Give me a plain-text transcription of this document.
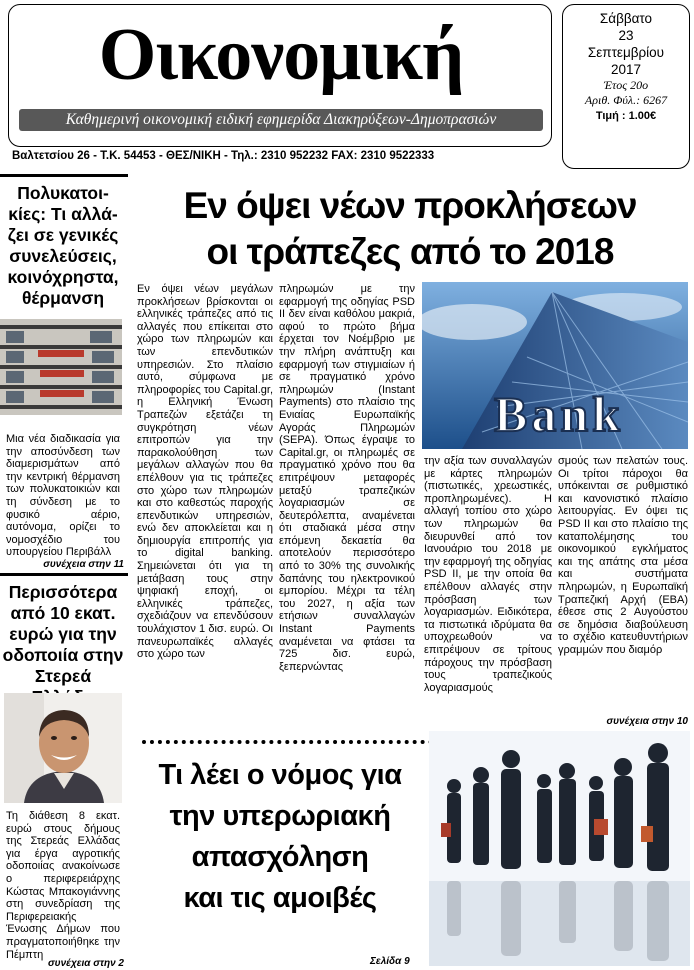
Οικονομική
Καθημερινή οικονομική ειδική εφημερίδα Διακηρύξεων-Δημοπρασιών
Βαλτετσίου 26 - Τ.Κ. 54453 - ΘΕΣ/ΝΙΚΗ - Τηλ.: 2310 952232 FAX: 2310 9522333
Σάββατο
23
Σεπτεμβρίου
2017
Έτος 20ο
Αριθ. Φύλ.: 6267
Τιμή : 1.00€
Πολυκατοι-κίες: Τι αλλά-ζει σε γενικές συνελεύσεις, κοινόχρηστα, θέρμανση
Μια νέα διαδικασία για την αποσύνδεση των διαμερισμάτων από την κεντρική θέρμανση των πολυκατοικιών και τη σύνδεση με το φυσικό αέριο, αυτόνομα, ορίζει το νομοσχέδιο του υπουργείου Περιβάλλ
συνέχεια στην 11
Περισσότερα από 10 εκατ. ευρώ για την οδοποιία στην Στερεά
Τη διάθεση 8 εκατ. ευρώ στους δήμους της Στερεάς Ελλάδας για έργα αγροτικής οδοποιίας ανακοίνωσε ο περιφερειάρχης Κώστας Μπακογιάννης στη συνεδρίαση της Περιφερειακής Ένωσης Δήμων που πραγματοποιήθηκε την Πέμπτη
συνέχεια στην 2
Εν όψει νέων προκλήσεων
οι τράπεζες από το 2018
Εν όψει νέων μεγάλων προκλήσεων βρίσκονται οι ελληνικές τράπεζες από τις αλλαγές που επίκειται στο χώρο των πληρωμών και των επενδυτικών υπηρεσιών. Στο πλαίσιο αυτό, σύμφωνα με πληροφορίες του Capital.gr, η Ελληνική Ένωση Τραπεζών εξετάζει τη συγκρότηση νέων επιτροπών για την παρακολούθηση των μεγάλων αλλαγών που θα επέλθουν για τις τράπεζες στο χώρο των πληρωμών και στο καθεστώς παροχής επενδυτικών υπηρεσιών, ενώ δεν αποκλείεται και η δημιουργία επιτροπής για το digital banking. Σημειώνεται ότι για τη μετάβαση τους στην ψηφιακή εποχή, οι ελληνικές τράπεζες, σχεδιάζουν να επενδύσουν τουλάχιστον 1 δισ. ευρώ. Οι πανευρωπαϊκές αλλαγές στο χώρο των
πληρωμών με την εφαρμογή της οδηγίας PSD II δεν είναι καθόλου μακριά, αφού το πρώτο βήμα έρχεται τον Νοέμβριο με την πλήρη ανάπτυξη και εφαρμογή των στιγμιαίων ή σε πραγματικό χρόνο πληρωμών (Instant Payments) στο πλαίσιο της Ενιαίας Ευρωπαϊκής Αγοράς Πληρωμών (SEPA). Όπως έγραψε το Capital.gr, οι πληρωμές σε πραγματικό χρόνο που θα επιτρέψουν μεταφορές μεταξύ τραπεζικών λογαριασμών σε δευτερόλεπτα, αναμένεται ότι σταδιακά μέσα στην επόμενη δεκαετία θα αποτελούν περισσότερο από το 30% της συνολικής δαπάνης του ηλεκτρονικού εμπορίου. Μέχρι τα τέλη του 2027, η αξία των ετήσιων συναλλαγών Instant Payments αναμένεται να φτάσει τα 725 δισ. ευρώ, ξεπερνώντας
Bank
την αξία των συναλλαγών με κάρτες πληρωμών (πιστωτικές, χρεωστικές, προπληρωμένες). Η αλλαγή τοπίου στο χώρο των πληρωμών θα διευρυνθεί από τον Ιανουάριο του 2018 με την εφαρμογή της οδηγίας PSD II, με την οποία θα επέλθουν αλλαγές στην πρόσβαση των λογαριασμών. Ειδικότερα, τα πιστωτικά ιδρύματα θα υποχρεωθούν να επιτρέψουν σε τρίτους πάροχους την πρόσβαση τους τραπεζικούς λογαριασμούς
σμούς των πελατών τους. Οι τρίτοι πάροχοι θα υπόκεινται σε ρυθμιστικό και κανονιστικό πλαίσιο λειτουργίας. Εν όψει τις PSD II και στο πλαίσιο της καταπολέμησης του οικονομικού εγκλήματος και της απάτης στα μέσα και συστήματα πληρωμών, η Ευρωπαϊκή Τραπεζική Αρχή (EBA) έθεσε στις 2 Αυγούστου σε δημόσια διαβούλευση το σχέδιο κατευθυντήριων γραμμών που διαμόρ
συνέχεια στην 10
Τι λέει ο νόμος για
την υπερωριακή
απασχόληση
και τις αμοιβές
Σελίδα 9
